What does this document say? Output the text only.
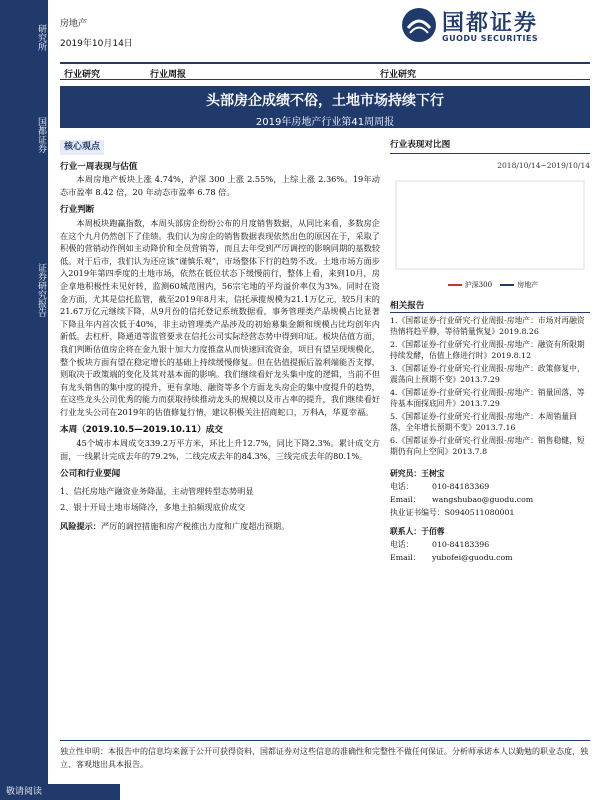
研究所
国都证券
证券研究报告
房地产
2019年10月14日
国都证券
GUODU SECURITIES
行业研究	行业周报	行业研究
头部房企成绩不俗，土地市场持续下行
2019年房地产行业第41周周报
核心观点
行业一周表现与估值
本周房地产板块上涨 4.74%，沪深 300 上涨 2.55%，上综上涨 2.36%。19年动态市盈率 8.42 倍，20 年动态市盈率 6.78 倍。
行业判断
本周板块跑赢指数，本周头部房企纷纷公布的月度销售数据，从同比来看，多数房企在这个九月仍然创下了佳绩。我们认为房企的销售数据表现依然出色的原因在于，采取了积极的营销动作例如主动降价和全员营销等，而且去年受到严厉调控的影响同期的基数较低。对于后市，我们认为还应该“谨慎乐观”，市场整体下行的趋势不改。土地市场方面步入2019年第四季度的土地市场，依然在低位状态下缓慢前行，整体上看，来到10月，房企拿地积极性未见好转，监测60城范围内，56宗宅地的平均溢价率仅为3%。同时在资金方面，尤其是信托监管，截至2019年8月末，信托承揽规模为21.1万亿元，较5月末的21.67万亿元继续下降，从9月份的信托登记系统数据看，事务管理类产品规模占比显著下降且年内首次低于40%，非主动管理类产品涉及的初始募集金额和规模占比均创年内新低。去杠杆、降通道等监管要求在信托公司实际经营态势中得到印证。板块估值方面，我们判断估值房企将在金九银十加大力度推盘从而快速回流资金，项目有望呈现规模化，整个板块方面有望在稳定增长的基础上持续缓慢修复。但在估值提振后盈利端能否支撑，则取决于政策端的变化及其对基本面的影响。我们继续看好龙头集中度的逻辑，当前不但有龙头销售的集中度的提升，更有拿地、融资等多个方面龙头房企的集中度提升的趋势，在这些龙头公司优秀的能力而获取持续推动龙头的规模以及市占率的提升，我们继续看好行业龙头公司在2019年的估值修复行情，建议积极关注招商蛇口，万科A，华夏幸福。
本周（2019.10.5—2019.10.11）成交
45个城市本周成交339.2万平方米，环比上升12.7%，同比下降2.3%。累计成交方面，一线累计完成去年的79.2%，二线完成去年的84.3%，三线完成去年的80.1%。
公司和行业要闻
1、信托房地产融资业务降温，主动管理转型态势明显
2、银十开局土地市场降冷，多地土拍频现底价成交
风险提示：严厉的调控措施和房产税推出力度和广度超出预期。
行业表现对比图
2018/10/14~2019/10/14
沪深300	房地产
相关报告
1.《国都证券-行业研究-行业周报-房地产：市场对再融资热情将趋平静，等待销量恢复》2019.8.26
2.《国都证券-行业研究-行业周报-房地产：融资有所限期持续发酵，估值上修进行时》2019.8.12
3.《国都证券-行业研究-行业周报-房地产：政策修复中，震荡向上预期不变》2013.7.29
4.《国都证券-行业研究-行业周报-房地产：销量回落，等待基本面探底回升》2013.7.29
5.《国都证券-行业研究-行业周报-房地产：本周销量回落，全年增长预期不变》2013.7.16
6.《国都证券-行业研究-行业周报-房地产：销售稳健，短期仍有向上空间》2013.7.8
研究员：王树宝
电话： 010-84183369
Email： wangshubao@guodu.com
执业证书编号：S0940511080001
联系人：于佰蓉
电话： 010-84183396
Email： yubofei@guodu.com
独立性申明：本报告中的信息均来源于公开可获得资料，国都证券对这些信息的准确性和完整性不做任何保证。分析师承诺本人以勤勉的职业态度，独立、客观地出具本报告。
敬请阅读
